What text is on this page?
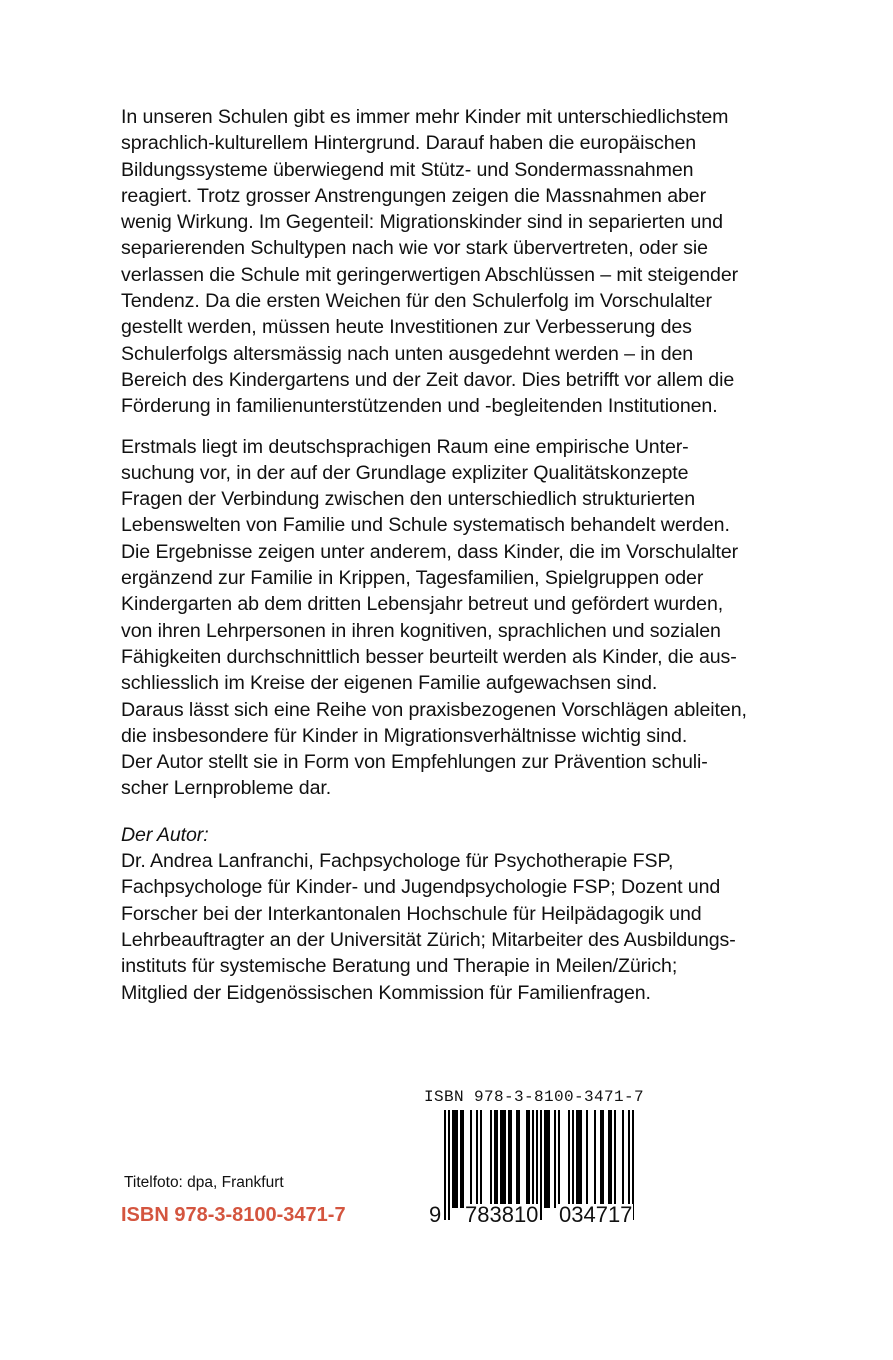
In unseren Schulen gibt es immer mehr Kinder mit unterschiedlichstem
sprachlich-kulturellem Hintergrund. Darauf haben die europäischen
Bildungssysteme überwiegend mit Stütz- und Sondermassnahmen
reagiert. Trotz grosser Anstrengungen zeigen die Massnahmen aber
wenig Wirkung. Im Gegenteil: Migrationskinder sind in separierten und
separierenden Schultypen nach wie vor stark übervertreten, oder sie
verlassen die Schule mit geringerwertigen Abschlüssen – mit steigender
Tendenz. Da die ersten Weichen für den Schulerfolg im Vorschulalter
gestellt werden, müssen heute Investitionen zur Verbesserung des
Schulerfolgs altersmässig nach unten ausgedehnt werden – in den
Bereich des Kindergartens und der Zeit davor. Dies betrifft vor allem die
Förderung in familienunterstützenden und -begleitenden Institutionen.
Erstmals liegt im deutschsprachigen Raum eine empirische Unter-
suchung vor, in der auf der Grundlage expliziter Qualitätskonzepte
Fragen der Verbindung zwischen den unterschiedlich strukturierten
Lebenswelten von Familie und Schule systematisch behandelt werden.
Die Ergebnisse zeigen unter anderem, dass Kinder, die im Vorschulalter
ergänzend zur Familie in Krippen, Tagesfamilien, Spielgruppen oder
Kindergarten ab dem dritten Lebensjahr betreut und gefördert wurden,
von ihren Lehrpersonen in ihren kognitiven, sprachlichen und sozialen
Fähigkeiten durchschnittlich besser beurteilt werden als Kinder, die aus-
schliesslich im Kreise der eigenen Familie aufgewachsen sind.
Daraus lässt sich eine Reihe von praxisbezogenen Vorschlägen ableiten,
die insbesondere für Kinder in Migrationsverhältnisse wichtig sind.
Der Autor stellt sie in Form von Empfehlungen zur Prävention schuli-
scher Lernprobleme dar.
Der Autor:
Dr. Andrea Lanfranchi, Fachpsychologe für Psychotherapie FSP,
Fachpsychologe für Kinder- und Jugendpsychologie FSP; Dozent und
Forscher bei der Interkantonalen Hochschule für Heilpädagogik und
Lehrbeauftragter an der Universität Zürich; Mitarbeiter des Ausbildungs-
instituts für systemische Beratung und Therapie in Meilen/Zürich;
Mitglied der Eidgenössischen Kommission für Familienfragen.
Titelfoto: dpa, Frankfurt
ISBN 978-3-8100-3471-7
ISBN 978-3-8100-3471-7
9 783810 034717
